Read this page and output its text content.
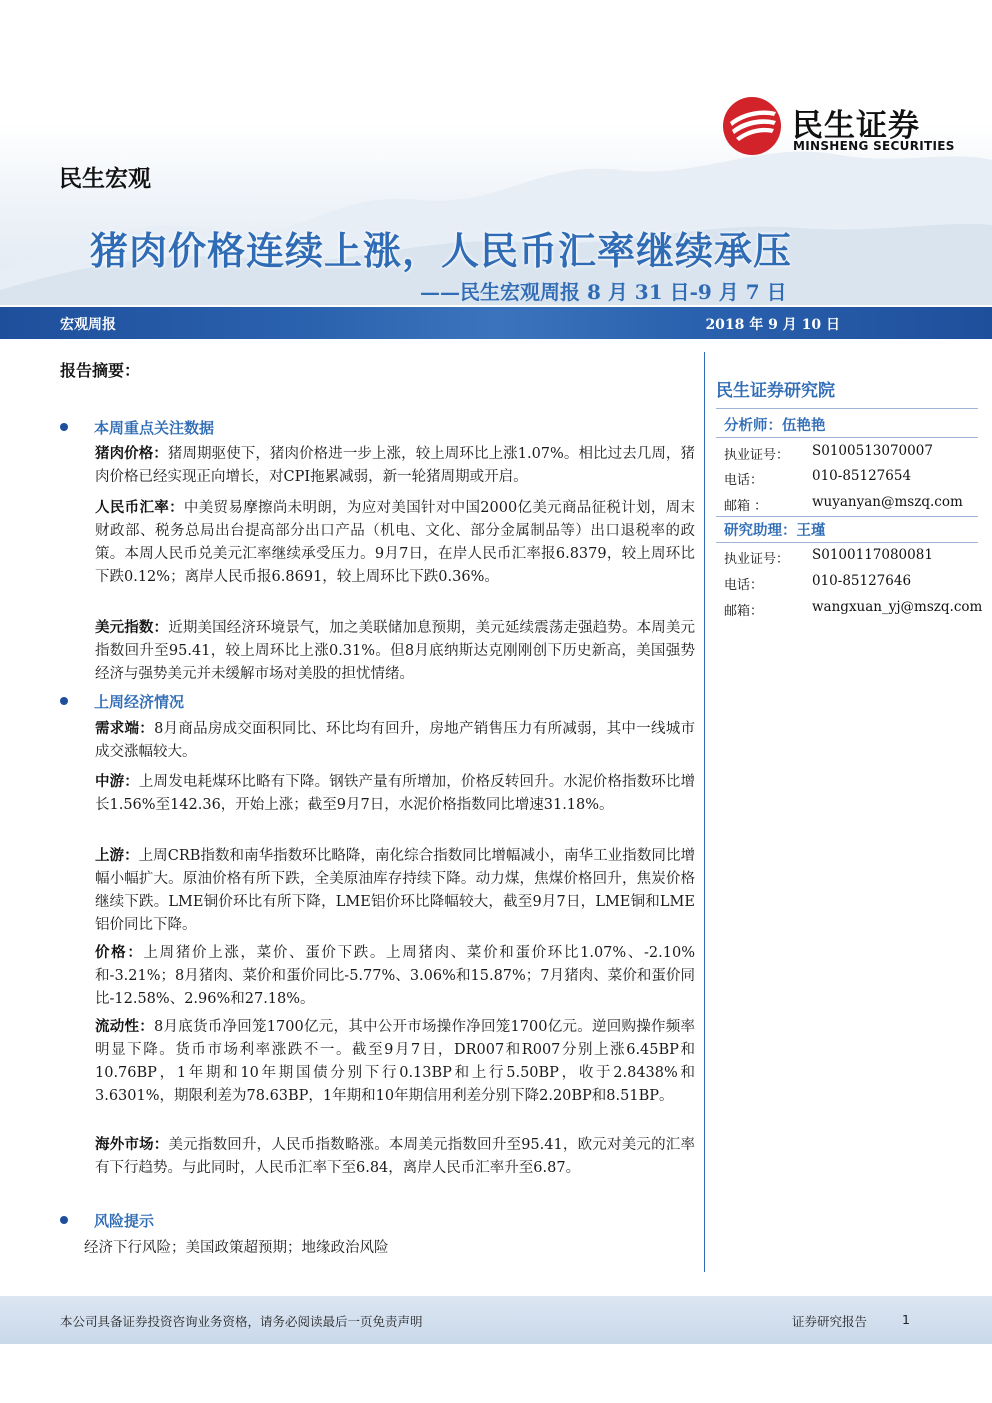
民生证券
MINSHENG SECURITIES
民生宏观
猪肉价格连续上涨，人民币汇率继续承压
——民生宏观周报 8 月 31 日-9 月 7 日
宏观周报	2018 年 9 月 10 日
报告摘要：
本周重点关注数据
猪肉价格：猪周期驱使下，猪肉价格进一步上涨，较上周环比上涨1.07%。相比过去几周，猪肉价格已经实现正向增长，对CPI拖累减弱，新一轮猪周期或开启。
人民币汇率：中美贸易摩擦尚未明朗，为应对美国针对中国2000亿美元商品征税计划，周末财政部、税务总局出台提高部分出口产品（机电、文化、部分金属制品等）出口退税率的政策。本周人民币兑美元汇率继续承受压力。9月7日，在岸人民币汇率报6.8379，较上周环比下跌0.12%；离岸人民币报6.8691，较上周环比下跌0.36%。
美元指数：近期美国经济环境景气，加之美联储加息预期，美元延续震荡走强趋势。本周美元指数回升至95.41，较上周环比上涨0.31%。但8月底纳斯达克刚刚创下历史新高，美国强势经济与强势美元并未缓解市场对美股的担忧情绪。
上周经济情况
需求端：8月商品房成交面积同比、环比均有回升，房地产销售压力有所减弱，其中一线城市成交涨幅较大。
中游：上周发电耗煤环比略有下降。钢铁产量有所增加，价格反转回升。水泥价格指数环比增长1.56%至142.36，开始上涨；截至9月7日，水泥价格指数同比增速31.18%。
上游：上周CRB指数和南华指数环比略降，南化综合指数同比增幅减小，南华工业指数同比增幅小幅扩大。原油价格有所下跌，全美原油库存持续下降。动力煤，焦煤价格回升，焦炭价格继续下跌。LME铜价环比有所下降，LME铝价环比降幅较大，截至9月7日，LME铜和LME铝价同比下降。
价格：上周猪价上涨，菜价、蛋价下跌。上周猪肉、菜价和蛋价环比1.07%、-2.10%和-3.21%；8月猪肉、菜价和蛋价同比-5.77%、3.06%和15.87%；7月猪肉、菜价和蛋价同比-12.58%、2.96%和27.18%。
流动性：8月底货币净回笼1700亿元，其中公开市场操作净回笼1700亿元。逆回购操作频率明显下降。货币市场利率涨跌不一。截至9月7日，DR007和R007分别上涨6.45BP和10.76BP，1年期和10年期国债分别下行0.13BP和上行5.50BP，收于2.8438%和3.6301%，期限利差为78.63BP，1年期和10年期信用利差分别下降2.20BP和8.51BP。
海外市场：美元指数回升，人民币指数略涨。本周美元指数回升至95.41，欧元对美元的汇率有下行趋势。与此同时，人民币汇率下至6.84，离岸人民币汇率升至6.87。
风险提示
经济下行风险；美国政策超预期；地缘政治风险
民生证券研究院
分析师：伍艳艳
执业证号： S0100513070007
电话：	010-85127654
邮箱 ：	wuyanyan@mszq.com
研究助理：王瑾
执业证号： S0100117080081
电话：	010-85127646
邮箱：	wangxuan_yj@mszq.com
本公司具备证券投资咨询业务资格，请务必阅读最后一页免责声明	证券研究报告	1
